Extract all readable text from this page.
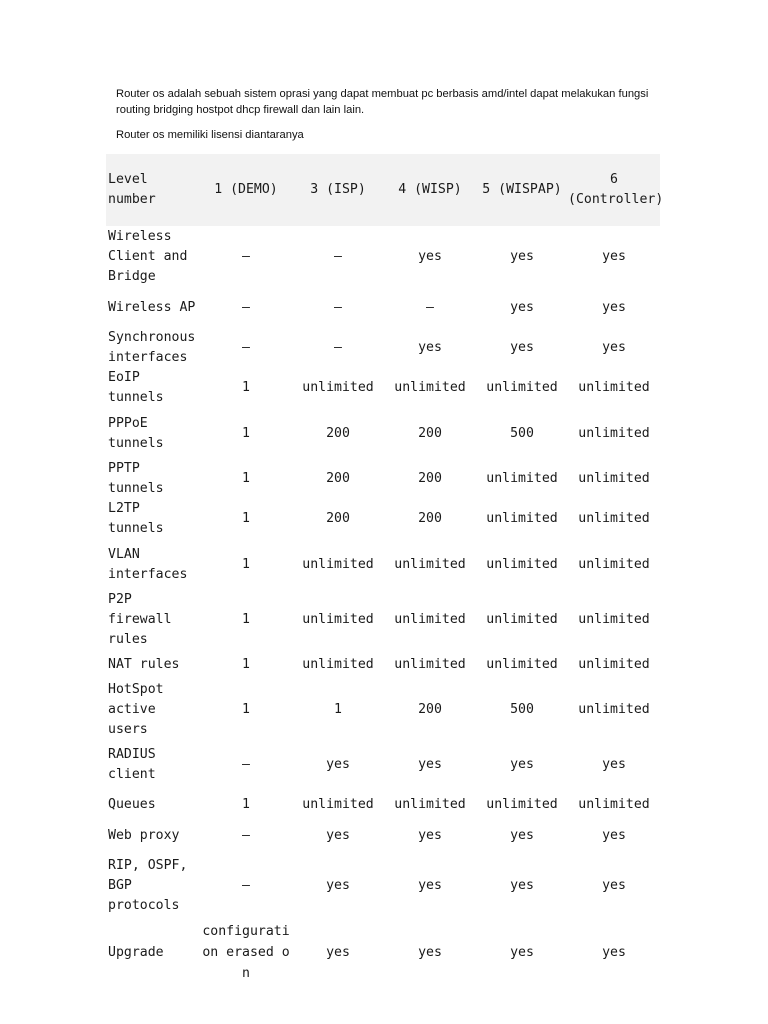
Router os adalah sebuah sistem oprasi yang dapat membuat pc berbasis amd/intel dapat melakukan fungsi routing bridging hostpot dhcp firewall dan lain lain.

Router os memiliki lisensi diantaranya

Level number	1 (DEMO)	3 (ISP)	4 (WISP)	5 (WISPAP)	6 (Controller)
Wireless Client and Bridge	–	–	yes	yes	yes
Wireless AP	–	–	–	yes	yes
Synchronous interfaces	–	–	yes	yes	yes
EoIP tunnels	1	unlimited	unlimited	unlimited	unlimited
PPPoE tunnels	1	200	200	500	unlimited
PPTP tunnels	1	200	200	unlimited	unlimited
L2TP tunnels	1	200	200	unlimited	unlimited
VLAN interfaces	1	unlimited	unlimited	unlimited	unlimited
P2P firewall rules	1	unlimited	unlimited	unlimited	unlimited
NAT rules	1	unlimited	unlimited	unlimited	unlimited
HotSpot active users	1	1	200	500	unlimited
RADIUS client	–	yes	yes	yes	yes
Queues	1	unlimited	unlimited	unlimited	unlimited
Web proxy	–	yes	yes	yes	yes
RIP, OSPF, BGP protocols	–	yes	yes	yes	yes
Upgrade	configuration erased on	yes	yes	yes	yes
